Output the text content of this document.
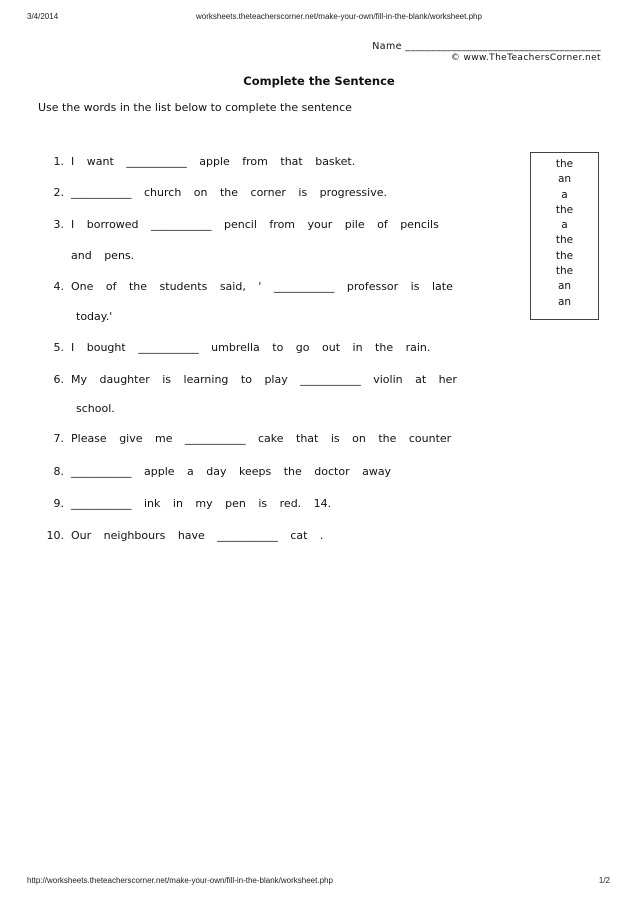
3/4/2014	worksheets.theteacherscorner.net/make-your-own/fill-in-the-blank/worksheet.php
Name ______________________________________
© www.TheTeachersCorner.net
Complete the Sentence
Use the words in the list below to complete the sentence
1. I want ___________ apple from that basket.
2. ___________ church on the corner is progressive.
3. I borrowed ___________ pencil from your pile of pencils
and pens.
4. One of the students said, ' ___________ professor is late
today.'
5. I bought ___________ umbrella to go out in the rain.
6. My daughter is learning to play ___________ violin at her
school.
7. Please give me ___________ cake that is on the counter
8. ___________ apple a day keeps the doctor away
9. ___________ ink in my pen is red. 14.
10. Our neighbours have ___________ cat .
the
an
a
the
a
the
the
the
an
an
http://worksheets.theteacherscorner.net/make-your-own/fill-in-the-blank/worksheet.php	1/2
